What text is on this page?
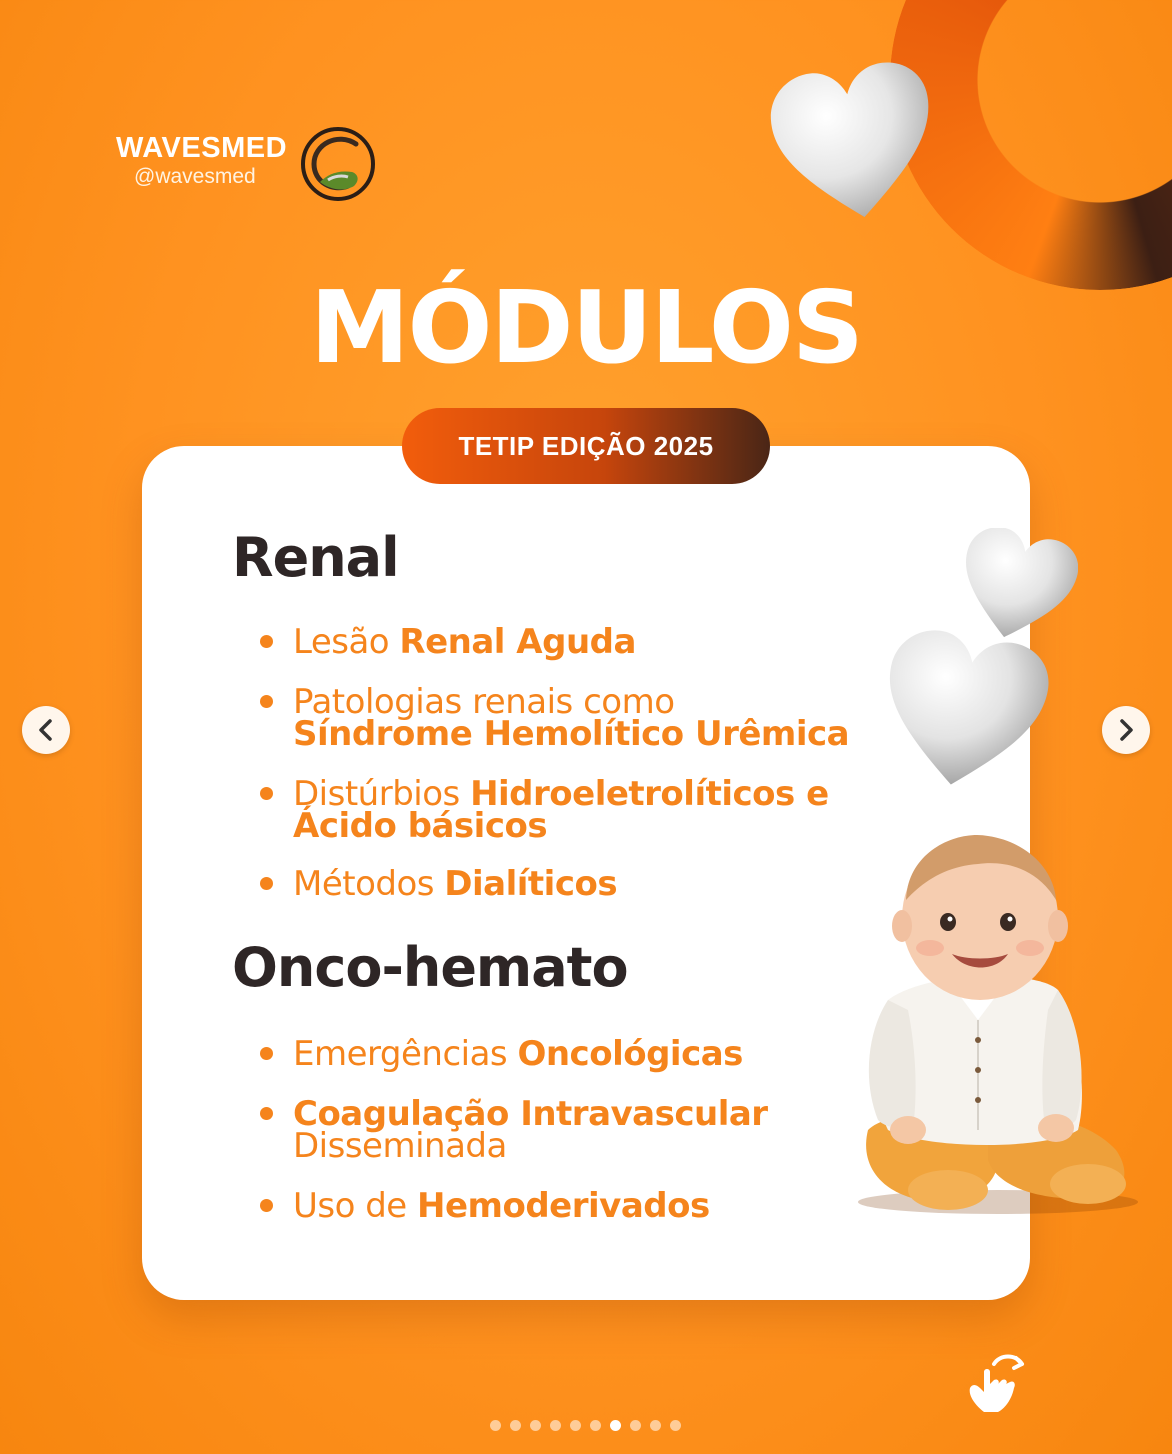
WAVESMED
@wavesmed
MÓDULOS
TETIP EDIÇÃO 2025
Renal
Lesão Renal Aguda
Patologias renais como
Síndrome Hemolítico Urêmica
Distúrbios Hidroeletrolíticos e
Ácido básicos
Métodos Dialíticos
Onco-hemato
Emergências Oncológicas
Coagulação Intravascular
Disseminada
Uso de Hemoderivados
